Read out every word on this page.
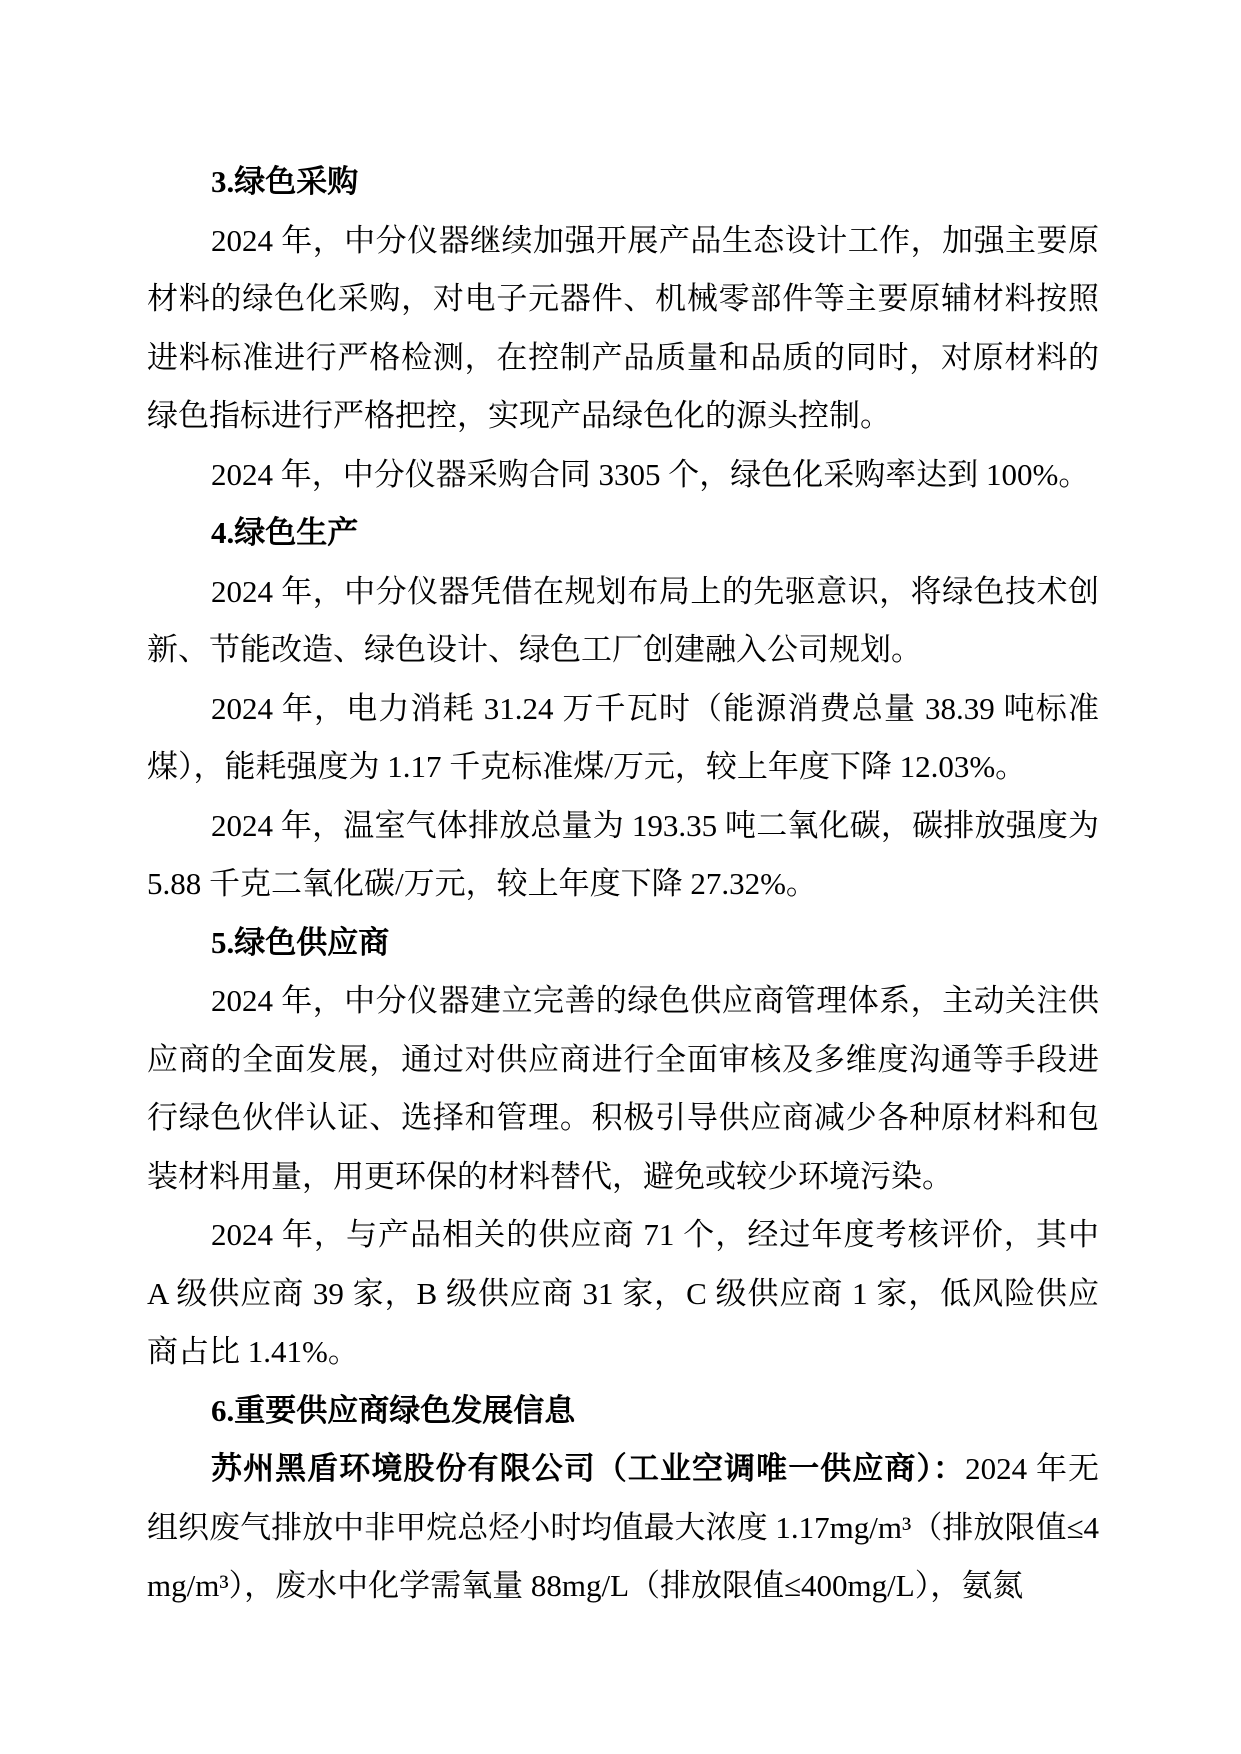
3.绿色采购

2024 年，中分仪器继续加强开展产品生态设计工作，加强主要原材料的绿色化采购，对电子元器件、机械零部件等主要原辅材料按照进料标准进行严格检测，在控制产品质量和品质的同时，对原材料的绿色指标进行严格把控，实现产品绿色化的源头控制。

2024 年，中分仪器采购合同 3305 个，绿色化采购率达到 100%。

4.绿色生产

2024 年，中分仪器凭借在规划布局上的先驱意识，将绿色技术创新、节能改造、绿色设计、绿色工厂创建融入公司规划。

2024 年，电力消耗 31.24 万千瓦时（能源消费总量 38.39 吨标准煤），能耗强度为 1.17 千克标准煤/万元，较上年度下降 12.03%。

2024 年，温室气体排放总量为 193.35 吨二氧化碳，碳排放强度为 5.88 千克二氧化碳/万元，较上年度下降 27.32%。

5.绿色供应商

2024 年，中分仪器建立完善的绿色供应商管理体系，主动关注供应商的全面发展，通过对供应商进行全面审核及多维度沟通等手段进行绿色伙伴认证、选择和管理。积极引导供应商减少各种原材料和包装材料用量，用更环保的材料替代，避免或较少环境污染。

2024 年，与产品相关的供应商 71 个，经过年度考核评价，其中 A 级供应商 39 家，B 级供应商 31 家，C 级供应商 1 家，低风险供应商占比 1.41%。

6.重要供应商绿色发展信息

苏州黑盾环境股份有限公司（工业空调唯一供应商）：2024 年无组织废气排放中非甲烷总烃小时均值最大浓度 1.17mg/m³（排放限值≤4mg/m³），废水中化学需氧量 88mg/L（排放限值≤400mg/L），氨氮
